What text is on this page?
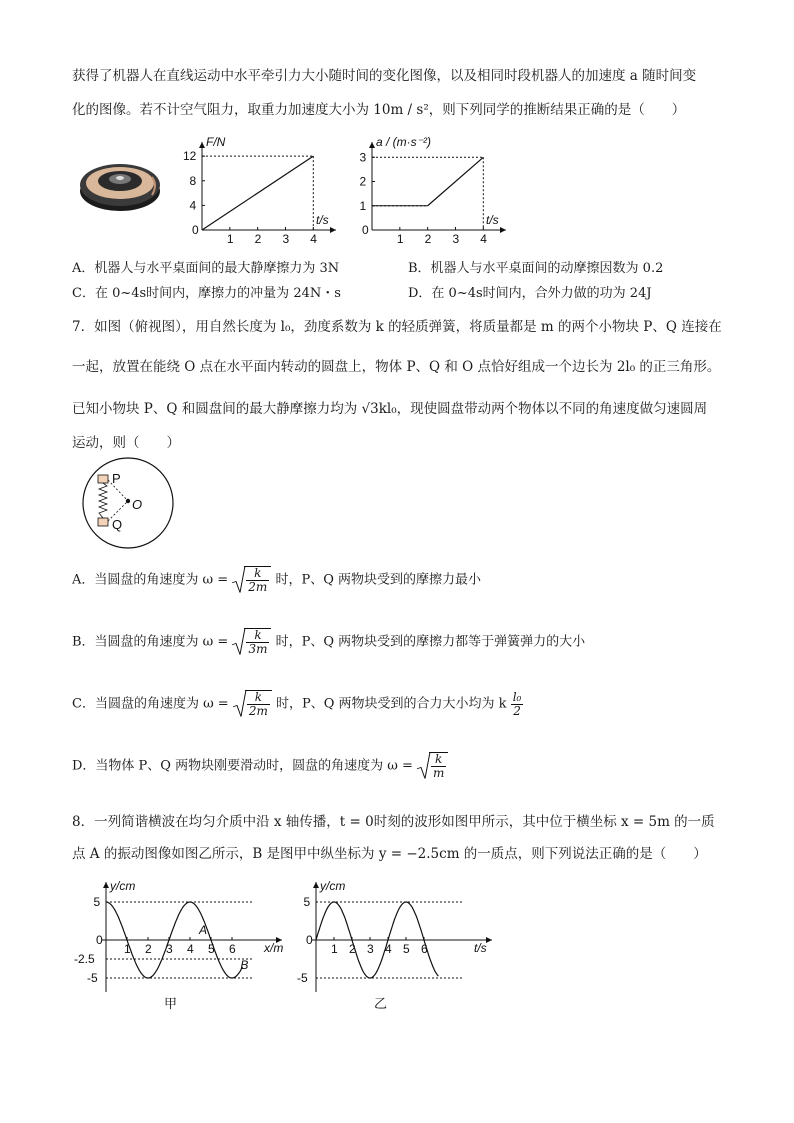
获得了机器人在直线运动中水平牵引力大小随时间的变化图像，以及相同时段机器人的加速度 a 随时间变
化的图像。若不计空气阻力，取重力加速度大小为 10m / s²，则下列同学的推断结果正确的是（　　）
F/N
t/s
0
1 2 3 4
4
8
12
a / (m·s⁻²)
t/s
0
1 2 3 4
1
2
3
A．机器人与水平桌面间的最大静摩擦力为 3N	B．机器人与水平桌面间的动摩擦因数为 0.2
C．在 0~4s时间内，摩擦力的冲量为 24N・s	D．在 0~4s时间内，合外力做的功为 24J
7．如图（俯视图），用自然长度为 l₀，劲度系数为 k 的轻质弹簧，将质量都是 m 的两个小物块 P、Q 连接在
一起，放置在能绕 O 点在水平面内转动的圆盘上，物体 P、Q 和 O 点恰好组成一个边长为 2l₀ 的正三角形。
已知小物块 P、Q 和圆盘间的最大静摩擦力均为 √3kl₀，现使圆盘带动两个物体以不同的角速度做匀速圆周
运动，则（　　）
P
Q
O
A．当圆盘的角速度为 $\omega = \frac{k}{2m}$ 时，P、Q 两物块受到的摩擦力最小
B．当圆盘的角速度为 $\omega = \frac{k}{3m}$ 时，P、Q 两物块受到的摩擦力都等于弹簧弹力的大小
C．当圆盘的角速度为 $\omega = \frac{k}{2m}$ 时，P、Q 两物块受到的合力大小均为 k $\frac{\text{l₀}}{2}$
D．当物体 P、Q 两物块刚要滑动时，圆盘的角速度为 $\omega = \frac{k}{m}$
8．一列简谐横波在均匀介质中沿 x 轴传播，t = 0时刻的波形如图甲所示，其中位于横坐标 x = 5m 的一质
点 A 的振动图像如图乙所示，B 是图甲中纵坐标为 y = −2.5cm 的一质点，则下列说法正确的是（　　）
y/cm
x/m
0
1 2 3 4 5 6
5
-2.5
-5
甲
A
B
y/cm
t/s
0
1 2 3 4 5 6
5
-5
乙
